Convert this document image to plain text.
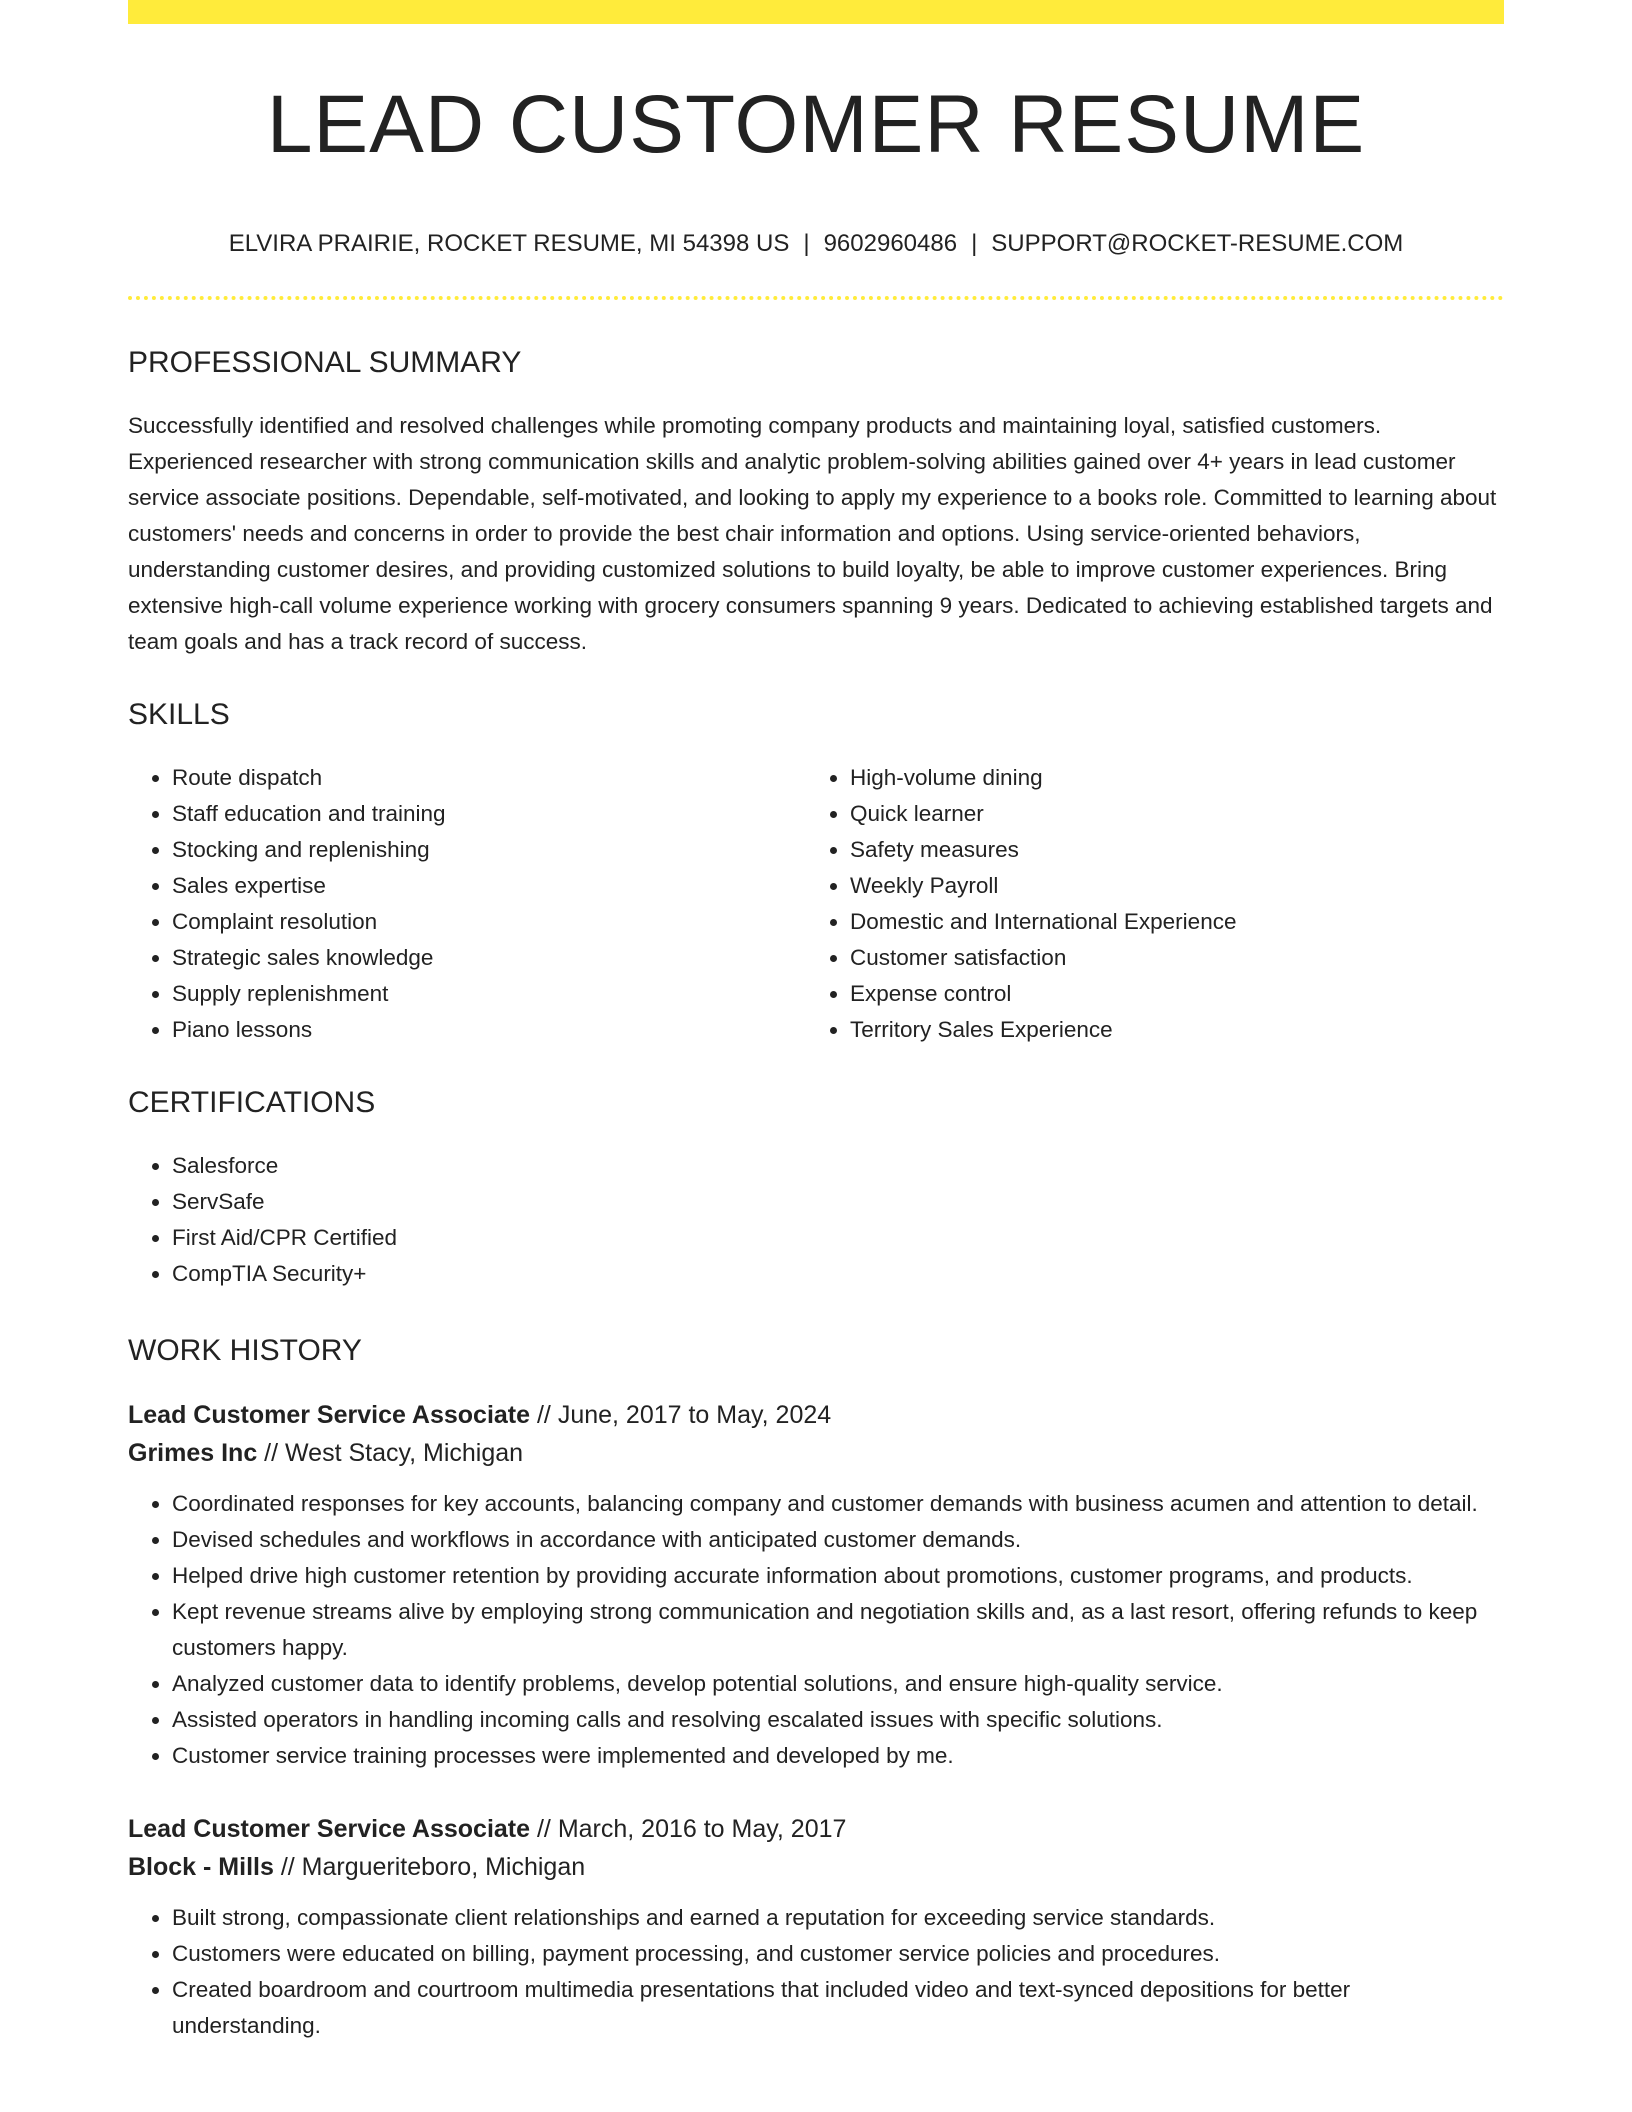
LEAD CUSTOMER RESUME
ELVIRA PRAIRIE, ROCKET RESUME, MI 54398 US | 9602960486 | SUPPORT@ROCKET-RESUME.COM
PROFESSIONAL SUMMARY
Successfully identified and resolved challenges while promoting company products and maintaining loyal, satisfied customers. Experienced researcher with strong communication skills and analytic problem-solving abilities gained over 4+ years in lead customer service associate positions. Dependable, self-motivated, and looking to apply my experience to a books role. Committed to learning about customers' needs and concerns in order to provide the best chair information and options. Using service-oriented behaviors, understanding customer desires, and providing customized solutions to build loyalty, be able to improve customer experiences. Bring extensive high-call volume experience working with grocery consumers spanning 9 years. Dedicated to achieving established targets and team goals and has a track record of success.
SKILLS
• Route dispatch
• Staff education and training
• Stocking and replenishing
• Sales expertise
• Complaint resolution
• Strategic sales knowledge
• Supply replenishment
• Piano lessons
• High-volume dining
• Quick learner
• Safety measures
• Weekly Payroll
• Domestic and International Experience
• Customer satisfaction
• Expense control
• Territory Sales Experience
CERTIFICATIONS
• Salesforce
• ServSafe
• First Aid/CPR Certified
• CompTIA Security+
WORK HISTORY
Lead Customer Service Associate // June, 2017 to May, 2024
Grimes Inc // West Stacy, Michigan
• Coordinated responses for key accounts, balancing company and customer demands with business acumen and attention to detail.
• Devised schedules and workflows in accordance with anticipated customer demands.
• Helped drive high customer retention by providing accurate information about promotions, customer programs, and products.
• Kept revenue streams alive by employing strong communication and negotiation skills and, as a last resort, offering refunds to keep customers happy.
• Analyzed customer data to identify problems, develop potential solutions, and ensure high-quality service.
• Assisted operators in handling incoming calls and resolving escalated issues with specific solutions.
• Customer service training processes were implemented and developed by me.
Lead Customer Service Associate // March, 2016 to May, 2017
Block - Mills // Margueriteboro, Michigan
• Built strong, compassionate client relationships and earned a reputation for exceeding service standards.
• Customers were educated on billing, payment processing, and customer service policies and procedures.
• Created boardroom and courtroom multimedia presentations that included video and text-synced depositions for better understanding.
